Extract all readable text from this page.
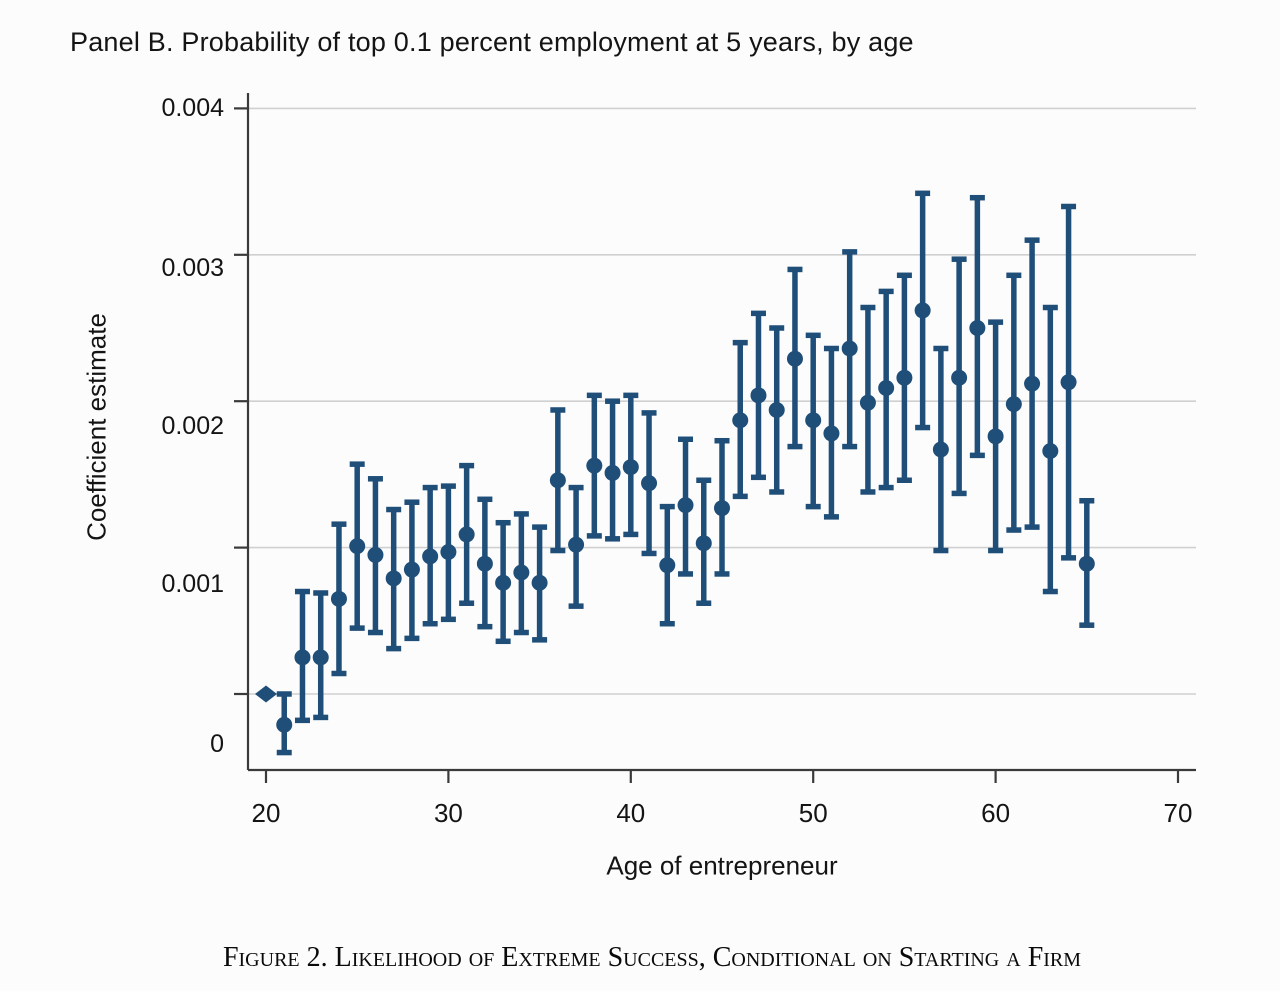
Panel B. Probability of top 0.1 percent employment at 5 years, by age
Coefficient estimate
0
0.001
0.002
0.003
0.004
20	30	40	50	60	70
Age of entrepreneur
Figure 2. Likelihood of Extreme Success, Conditional on Starting a Firm
